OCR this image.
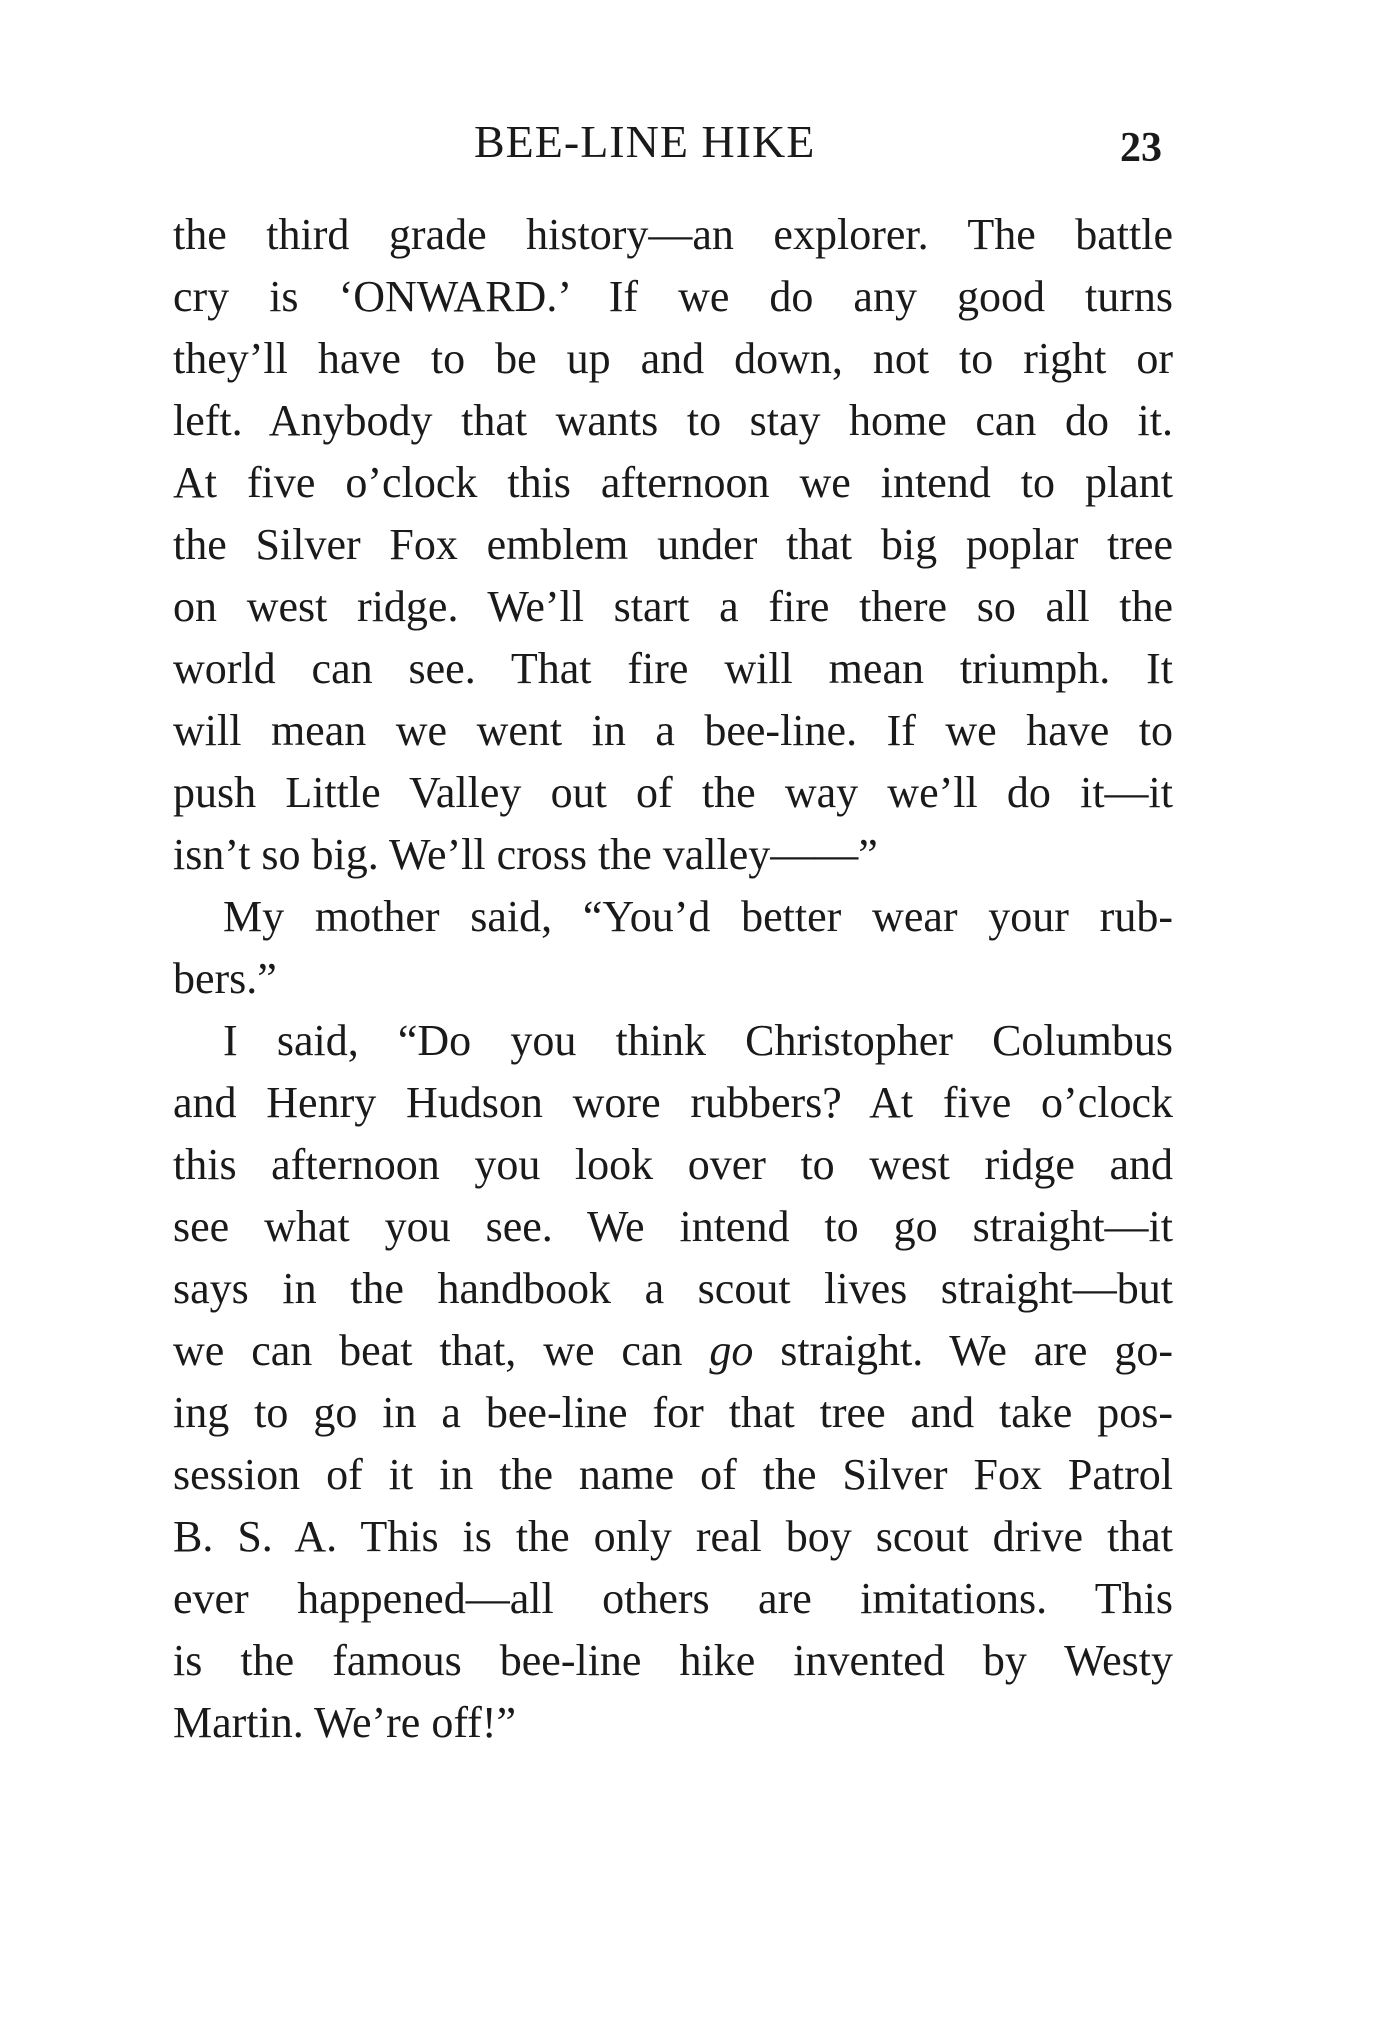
BEE-LINE HIKE	23
the third grade history—an explorer. The battle
cry is ‘ONWARD.’ If we do any good turns
they’ll have to be up and down, not to right or
left. Anybody that wants to stay home can do it.
At five o’clock this afternoon we intend to plant
the Silver Fox emblem under that big poplar tree
on west ridge. We’ll start a fire there so all the
world can see. That fire will mean triumph. It
will mean we went in a bee-line. If we have to
push Little Valley out of the way we’ll do it—it
isn’t so big. We’ll cross the valley——”
My mother said, “You’d better wear your rub-
bers.”
I said, “Do you think Christopher Columbus
and Henry Hudson wore rubbers? At five o’clock
this afternoon you look over to west ridge and
see what you see. We intend to go straight—it
says in the handbook a scout lives straight—but
we can beat that, we can go straight. We are go-
ing to go in a bee-line for that tree and take pos-
session of it in the name of the Silver Fox Patrol
B. S. A. This is the only real boy scout drive that
ever happened—all others are imitations. This
is the famous bee-line hike invented by Westy
Martin. We’re off!”
